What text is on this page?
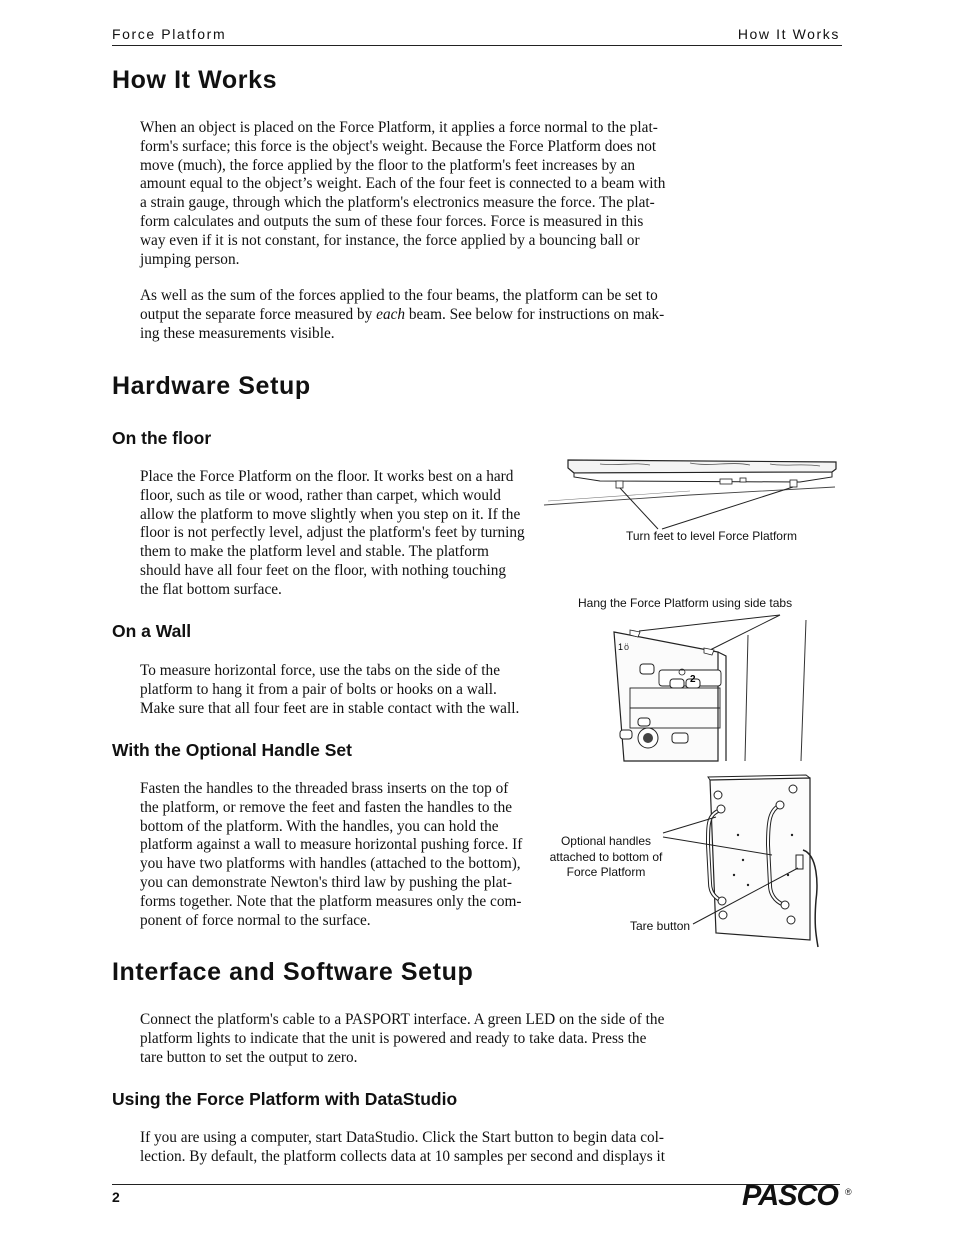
Force Platform	How It Works
How It Works
When an object is placed on the Force Platform, it applies a force normal to the plat-
form's surface; this force is the object's weight. Because the Force Platform does not
move (much), the force applied by the floor to the platform's feet increases by an
amount equal to the object’s weight. Each of the four feet is connected to a beam with
a strain gauge, through which the platform's electronics measure the force. The plat-
form calculates and outputs the sum of these four forces. Force is measured in this
way even if it is not constant, for instance, the force applied by a bouncing ball or
jumping person.
As well as the sum of the forces applied to the four beams, the platform can be set to
output the separate force measured by each beam. See below for instructions on mak-
ing these measurements visible.
Hardware Setup
On the floor
Place the Force Platform on the floor. It works best on a hard
floor, such as tile or wood, rather than carpet, which would
allow the platform to move slightly when you step on it. If the
floor is not perfectly level, adjust the platform's feet by turning
them to make the platform level and stable. The platform
should have all four feet on the floor, with nothing touching
the flat bottom surface.
On a Wall
To measure horizontal force, use the tabs on the side of the
platform to hang it from a pair of bolts or hooks on a wall.
Make sure that all four feet are in stable contact with the wall.
With the Optional Handle Set
Fasten the handles to the threaded brass inserts on the top of
the platform, or remove the feet and fasten the handles to the
bottom of the platform. With the handles, you can hold the
platform against a wall to measure horizontal pushing force. If
you have two platforms with handles (attached to the bottom),
you can demonstrate Newton's third law by pushing the plat-
forms together. Note that the platform measures only the com-
ponent of force normal to the surface.
Turn feet to level Force Platform
Hang the Force Platform using side tabs
1 ö
2
Optional handles
attached to bottom of
Force Platform
Tare button
Interface and Software Setup
Connect the platform's cable to a PASPORT interface. A green LED on the side of the
platform lights to indicate that the unit is powered and ready to take data. Press the
tare button to set the output to zero.
Using the Force Platform with DataStudio
If you are using a computer, start DataStudio. Click the Start button to begin data col-
lection. By default, the platform collects data at 10 samples per second and displays it
2	PASCO ®
